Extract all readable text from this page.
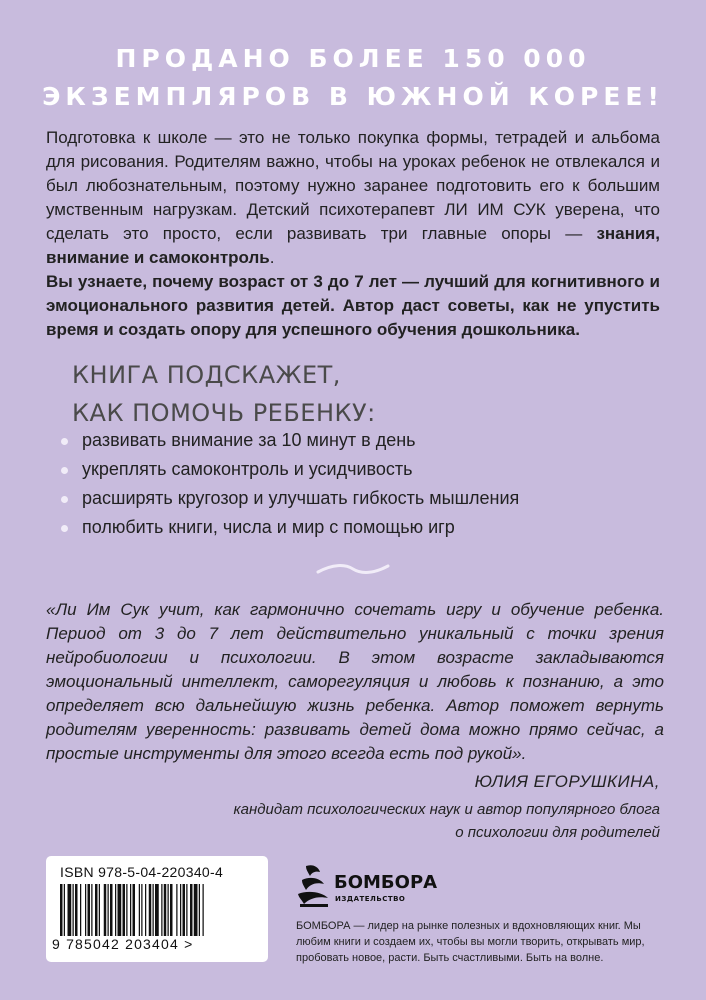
ПРОДАНО БОЛЕЕ 150 000
ЭКЗЕМПЛЯРОВ В ЮЖНОЙ КОРЕЕ!
Подготовка к школе — это не только покупка формы, тетрадей и альбома для рисования. Родителям важно, чтобы на уроках ребенок не отвлекался и был любознательным, поэтому нужно заранее подготовить его к большим умственным нагрузкам. Детский психотерапевт ЛИ ИМ СУК уверена, что сделать это просто, если развивать три главные опоры — знания, внимание и самоконтроль.
Вы узнаете, почему возраст от 3 до 7 лет — лучший для когнитивного и эмоционального развития детей. Автор даст советы, как не упустить время и создать опору для успешного обучения дошкольника.
КНИГА ПОДСКАЖЕТ,
КАК ПОМОЧЬ РЕБЕНКУ:
развивать внимание за 10 минут в день
укреплять самоконтроль и усидчивость
расширять кругозор и улучшать гибкость мышления
полюбить книги, числа и мир с помощью игр
«Ли Им Сук учит, как гармонично сочетать игру и обучение ребенка. Период от 3 до 7 лет действительно уникальный с точки зрения нейробиологии и психологии. В этом возрасте закладываются эмоциональный интеллект, саморегуляция и любовь к познанию, а это определяет всю дальнейшую жизнь ребенка. Автор поможет вернуть родителям уверенность: развивать детей дома можно прямо сейчас, а простые инструменты для этого всегда есть под рукой».
ЮЛИЯ ЕГОРУШКИНА,
кандидат психологических наук и автор популярного блога
о психологии для родителей
ISBN 978-5-04-220340-4
9 785042 203404 >
БОМБОРА
ИЗДАТЕЛЬСТВО
БОМБОРА — лидер на рынке полезных и вдохновляющих книг. Мы любим книги и создаем их, чтобы вы могли творить, открывать мир, пробовать новое, расти. Быть счастливыми. Быть на волне.
